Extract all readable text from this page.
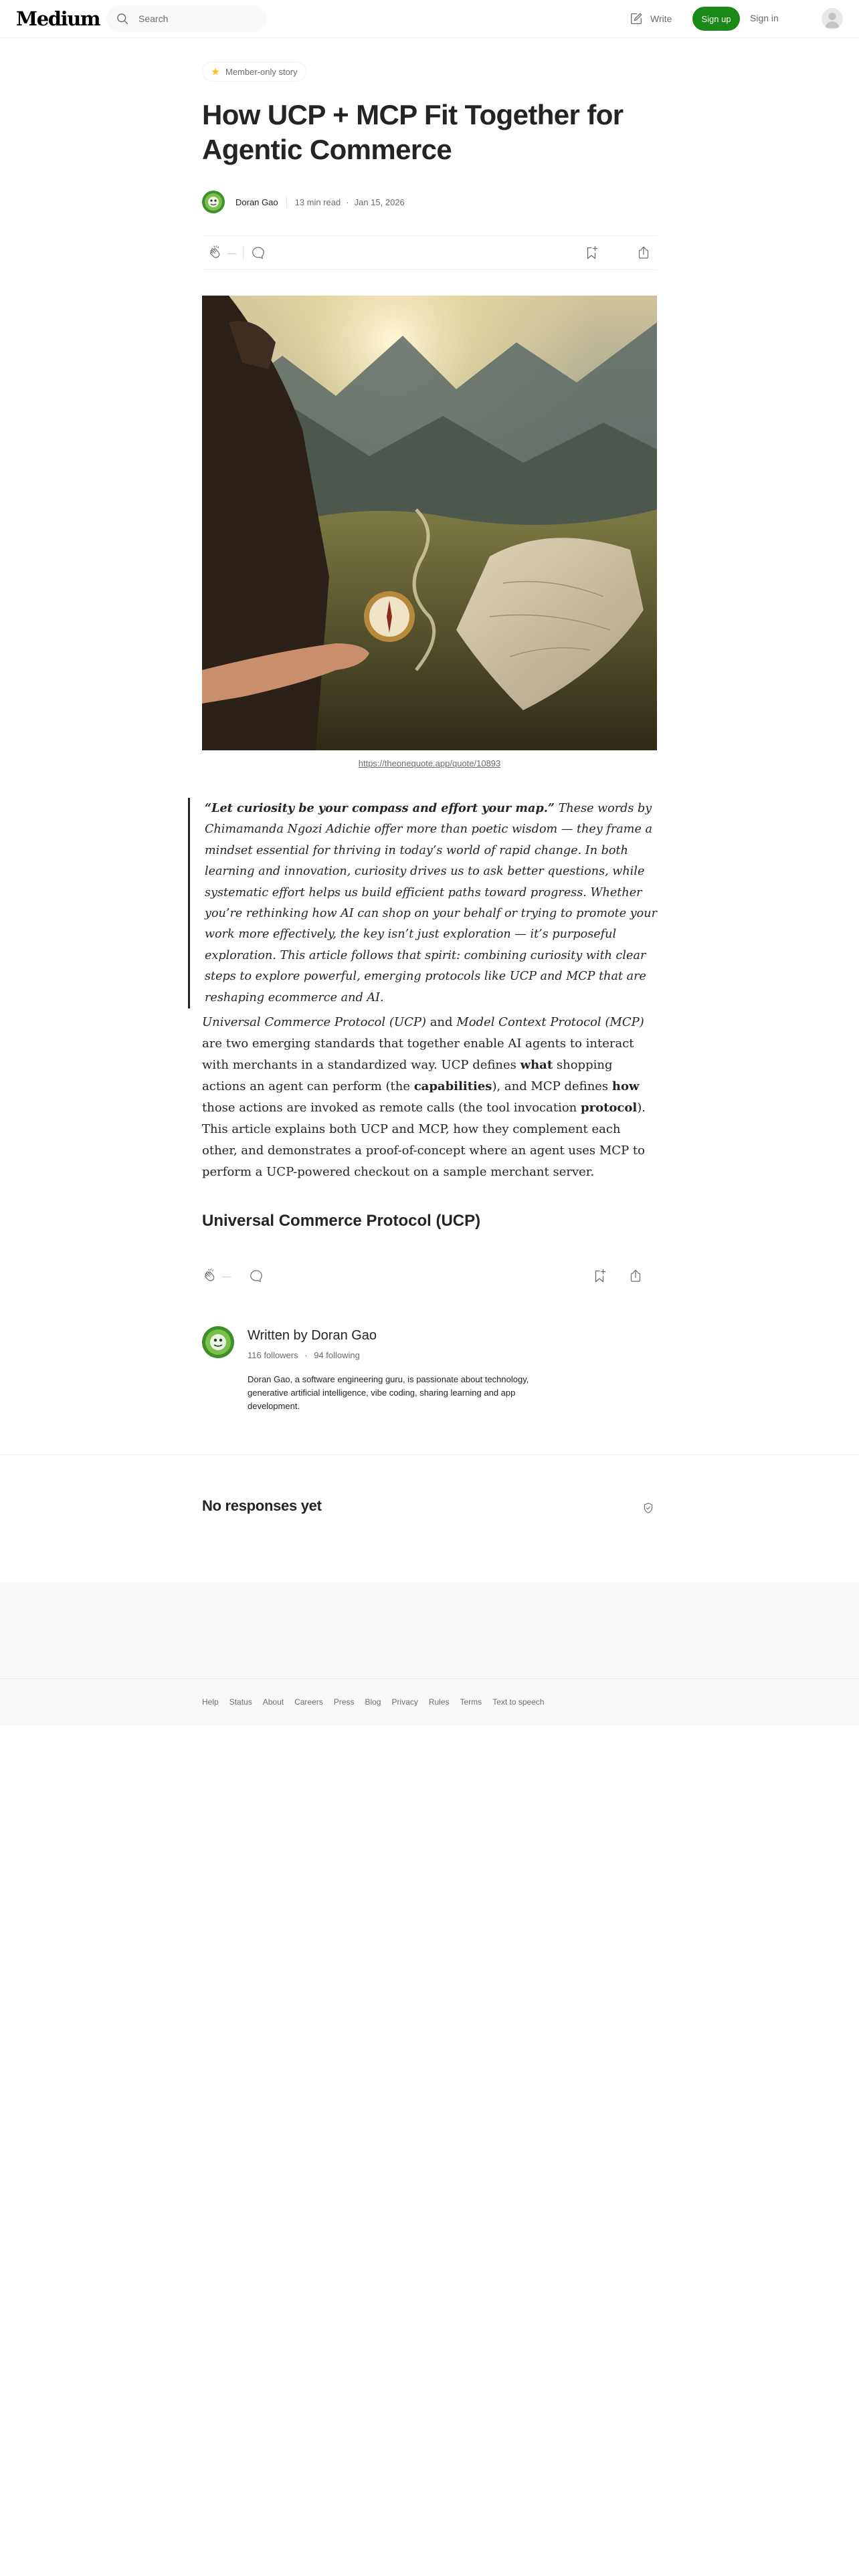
Medium
Search	Write	Sign up	Sign in
Member-only story
How UCP + MCP Fit Together for Agentic Commerce
Doran Gao 13 min read · Jan 15, 2026
—
https://theonequote.app/quote/10893
“Let curiosity be your compass and effort your map.” These words by Chimamanda Ngozi Adichie offer more than poetic wisdom — they frame a mindset essential for thriving in today’s world of rapid change. In both learning and innovation, curiosity drives us to ask better questions, while systematic effort helps us build efficient paths toward progress. Whether you’re rethinking how AI can shop on your behalf or trying to promote your work more effectively, the key isn’t just exploration — it’s purposeful exploration. This article follows that spirit: combining curiosity with clear steps to explore powerful, emerging protocols like UCP and MCP that are reshaping ecommerce and AI.

Universal Commerce Protocol (UCP) and Model Context Protocol (MCP) are two emerging standards that together enable AI agents to interact with merchants in a standardized way. UCP defines what shopping actions an agent can perform (the capabilities), and MCP defines how those actions are invoked as remote calls (the tool invocation protocol). This article explains both UCP and MCP, how they complement each other, and demonstrates a proof-of-concept where an agent uses MCP to perform a UCP-powered checkout on a sample merchant server.

Universal Commerce Protocol (UCP)
—
Written by Doran Gao
116 followers · 94 following
Doran Gao, a software engineering guru, is passionate about technology, generative artificial intelligence, vibe coding, sharing learning and app development.
No responses yet
Help Status About Careers Press Blog Privacy Rules Terms Text to speech
